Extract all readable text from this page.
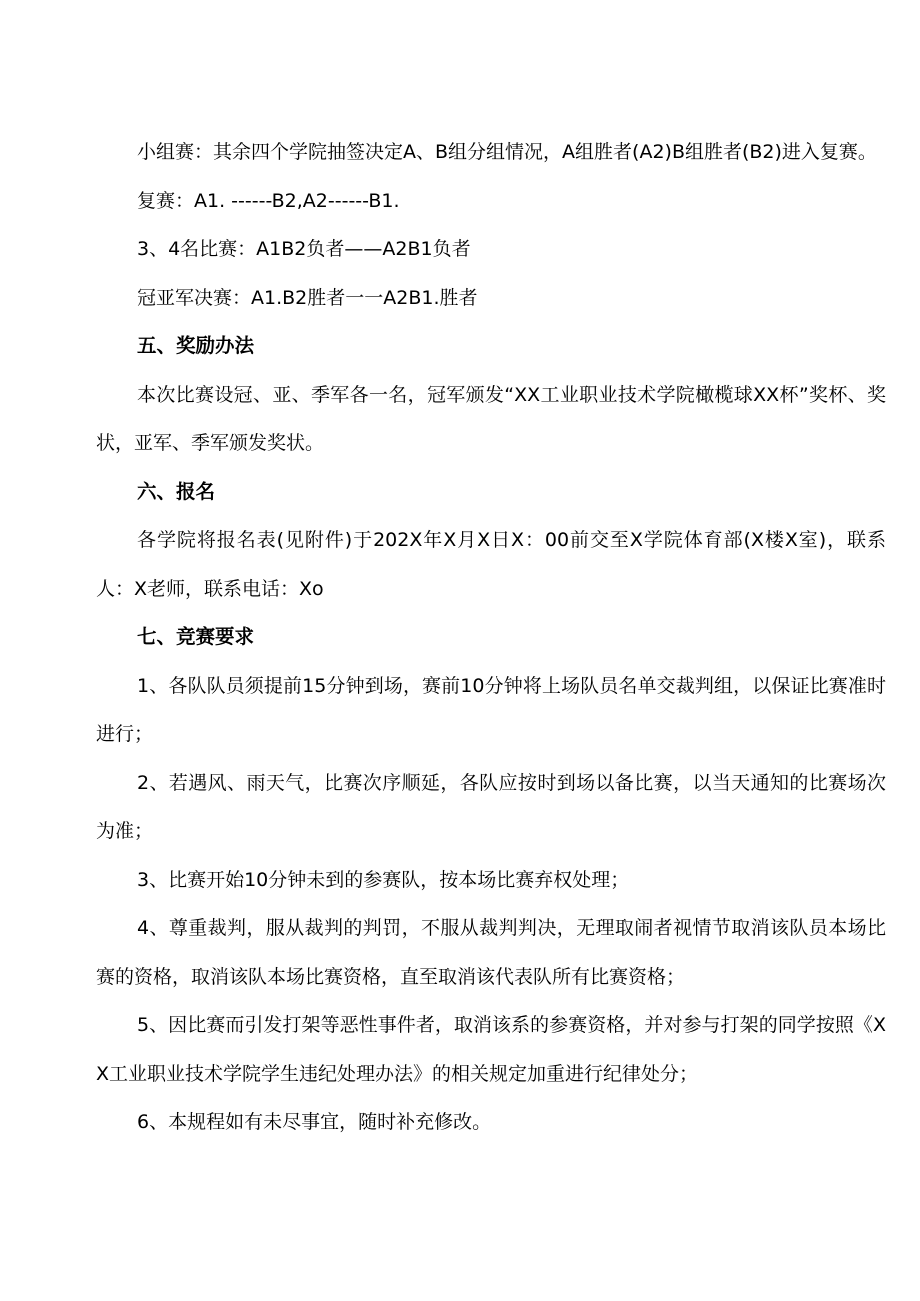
小组赛：其余四个学院抽签决定A、B组分组情况，A组胜者(A2)B组胜者(B2)进入复赛。

复赛：A1. ------B2,A2------B1.

3、4名比赛：A1B2负者——A2B1负者

冠亚军决赛：A1.B2胜者一一A2B1.胜者

五、奖励办法

本次比赛设冠、亚、季军各一名，冠军颁发“XX工业职业技术学院橄榄球XX杯”奖杯、奖状，亚军、季军颁发奖状。

六、报名

各学院将报名表(见附件)于202X年X月X日X：00前交至X学院体育部(X楼X室)，联系人：X老师，联系电话：Xo

七、竞赛要求

1、各队队员须提前15分钟到场，赛前10分钟将上场队员名单交裁判组，以保证比赛准时进行；

2、若遇风、雨天气，比赛次序顺延，各队应按时到场以备比赛，以当天通知的比赛场次为准；

3、比赛开始10分钟未到的参赛队，按本场比赛弃权处理；

4、尊重裁判，服从裁判的判罚，不服从裁判判决，无理取闹者视情节取消该队员本场比赛的资格，取消该队本场比赛资格，直至取消该代表队所有比赛资格；

5、因比赛而引发打架等恶性事件者，取消该系的参赛资格，并对参与打架的同学按照《XX工业职业技术学院学生违纪处理办法》的相关规定加重进行纪律处分；

6、本规程如有未尽事宜，随时补充修改。
